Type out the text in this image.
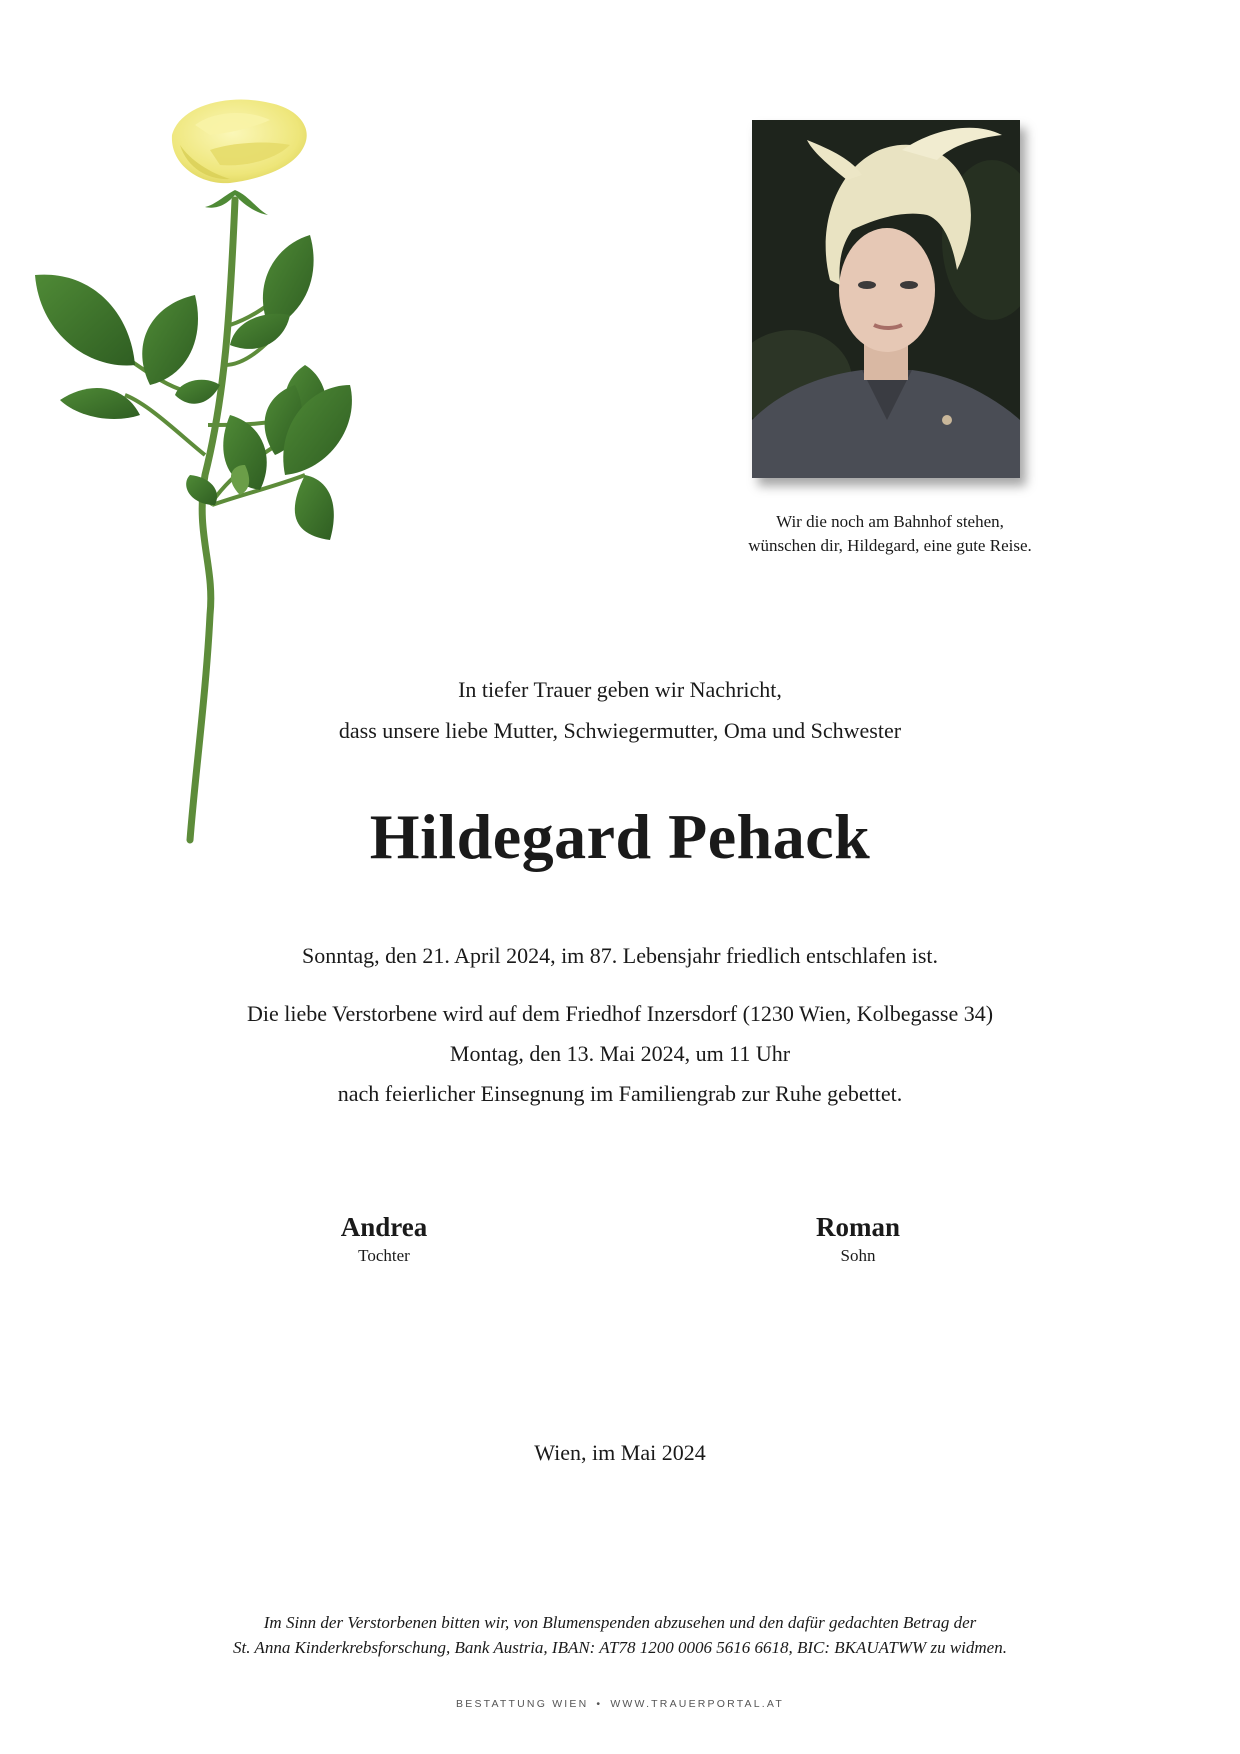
Wir die noch am Bahnhof stehen,
wünschen dir, Hildegard, eine gute Reise.
In tiefer Trauer geben wir Nachricht,
dass unsere liebe Mutter, Schwiegermutter, Oma und Schwester
Hildegard Pehack
Sonntag, den 21. April 2024, im 87. Lebensjahr friedlich entschlafen ist.
Die liebe Verstorbene wird auf dem Friedhof Inzersdorf (1230 Wien, Kolbegasse 34)
Montag, den 13. Mai 2024, um 11 Uhr
nach feierlicher Einsegnung im Familiengrab zur Ruhe gebettet.
Andrea
Tochter
Roman
Sohn
Wien, im Mai 2024
Im Sinn der Verstorbenen bitten wir, von Blumenspenden abzusehen und den dafür gedachten Betrag der
St. Anna Kinderkrebsforschung, Bank Austria, IBAN: AT78 1200 0006 5616 6618, BIC: BKAUATWW zu widmen.
BESTATTUNG WIEN • WWW.TRAUERPORTAL.AT
